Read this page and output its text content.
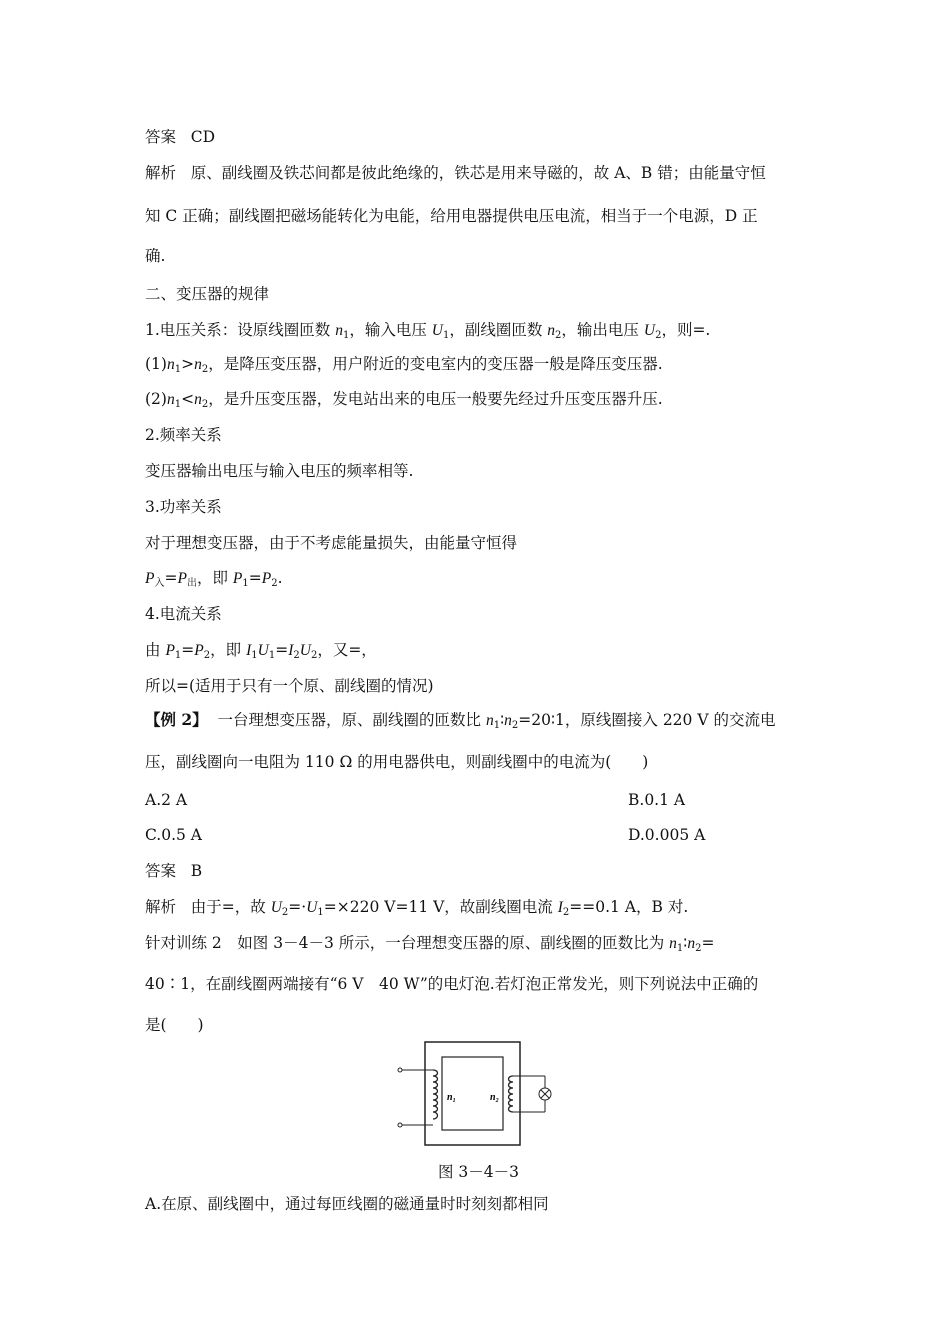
答案 CD
解析 原、副线圈及铁芯间都是彼此绝缘的，铁芯是用来导磁的，故 A、B 错；由能量守恒
知 C 正确；副线圈把磁场能转化为电能，给用电器提供电压电流，相当于一个电源，D 正
确.
二、变压器的规律
1.电压关系：设原线圈匝数 $n_1$，输入电压 $U_1$，副线圈匝数 $n_2$，输出电压 $U_2$，则=.
$(1)n_1>n_2$，是降压变压器，用户附近的变电室内的变压器一般是降压变压器.
$(2)n_1<n_2$，是升压变压器，发电站出来的电压一般要先经过升压变压器升压.
2.频率关系
变压器输出电压与输入电压的频率相等.
3.功率关系
对于理想变压器，由于不考虑能量损失，由能量守恒得
$P_入=P_出$，即 $P_1=P_2$.
4.电流关系
由 $P_1=P_2$，即 $I_1U_1=I_2U_2$，又=，
所以=(适用于只有一个原、副线圈的情况)
【例 2】 一台理想变压器，原、副线圈的匝数比 $n_1∶n_2=20∶1$，原线圈接入 220 V 的交流电
压，副线圈向一电阻为 110 Ω 的用电器供电，则副线圈中的电流为(　　)
A.2 A	B.0.1 A
C.0.5 A	D.0.005 A
答案 B
解析 由于=，故 $U_2=\cdot U_1=\times 220$ V=11 V，故副线圈电流 $I_2==0.1$ A，B 对.
针对训练 2　如图 3－4－3 所示，一台理想变压器的原、副线圈的匝数比为 $n_1∶n_2=$
40∶1，在副线圈两端接有“6 V　40 W”的电灯泡.若灯泡正常发光，则下列说法中正确的
是(　　)
n₁	n₂
图 3－4－3
A.在原、副线圈中，通过每匝线圈的磁通量时时刻刻都相同
